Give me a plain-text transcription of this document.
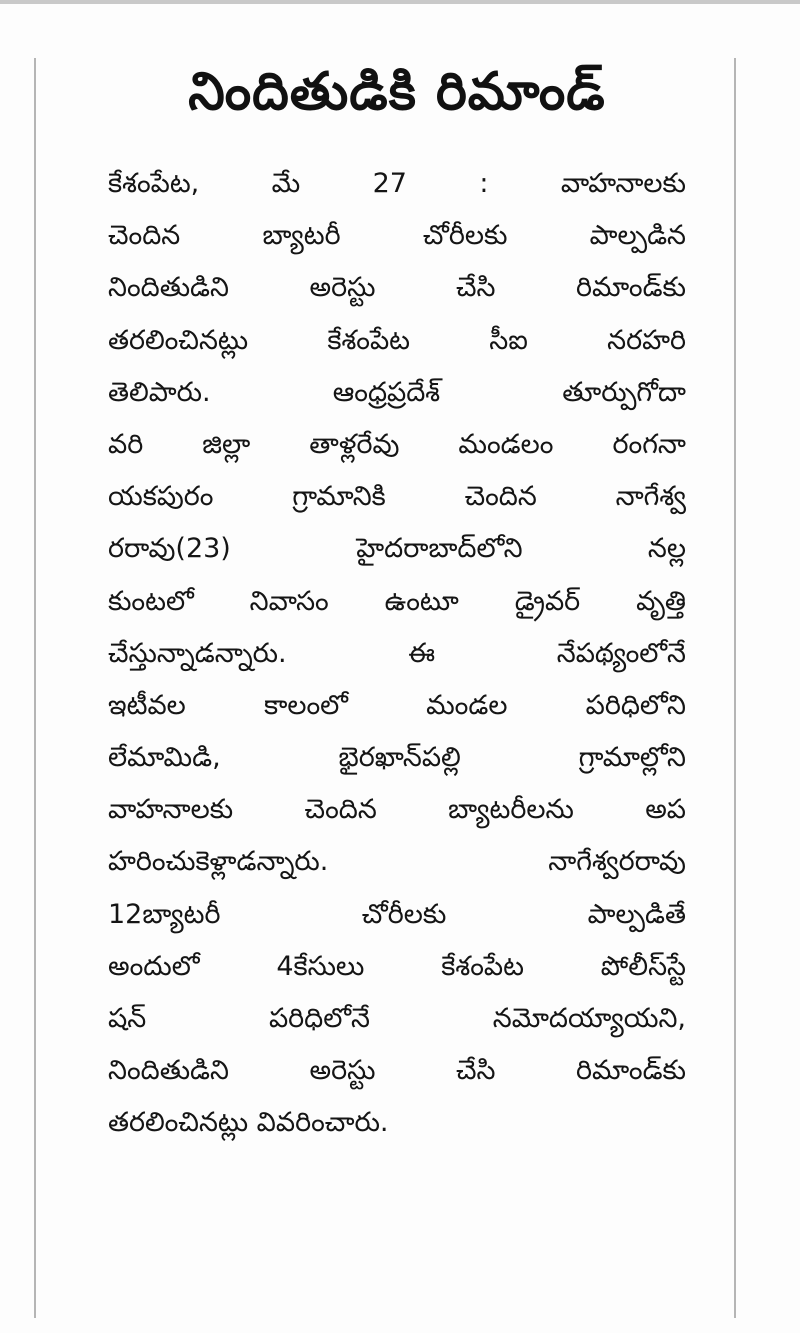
నిందితుడికి రిమాండ్
కేశంపేట, మే 27 : వాహనాలకు
చెందిన బ్యాటరీ చోరీలకు పాల్పడిన
నిందితుడిని అరెస్టు చేసి రిమాండ్‌కు
తరలించినట్లు కేశంపేట సీఐ నరహరి
తెలిపారు. ఆంధ్రప్రదేశ్ తూర్పుగోదా
వరి జిల్లా తాళ్లరేవు మండలం రంగనా
యకపురం గ్రామానికి చెందిన నాగేశ్వ
రరావు(23) హైదరాబాద్‌లోని నల్ల
కుంటలో నివాసం ఉంటూ డ్రైవర్ వృత్తి
చేస్తున్నాడన్నారు. ఈ నేపథ్యంలోనే
ఇటీవల కాలంలో మండల పరిధిలోని
లేమామిడి, భైరఖాన్‌పల్లి గ్రామాల్లోని
వాహనాలకు చెందిన బ్యాటరీలను అప
హరించుకెళ్లాడన్నారు. నాగేశ్వరరావు
12బ్యాటరీ చోరీలకు పాల్పడితే
అందులో 4కేసులు కేశంపేట పోలీస్‌స్టే
షన్ పరిధిలోనే నమోదయ్యాయని,
నిందితుడిని అరెస్టు చేసి రిమాండ్‌కు
తరలించినట్లు వివరించారు.
